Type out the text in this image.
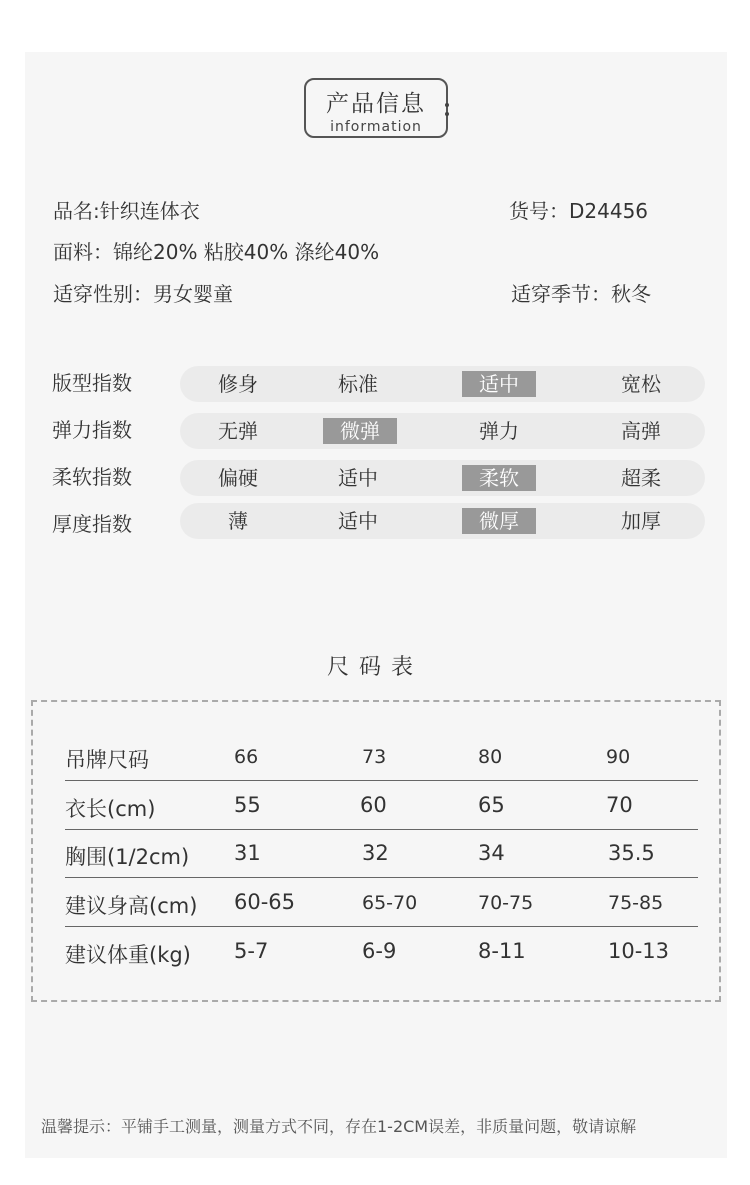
产品信息
information
品名:针织连体衣	货号：D24456
面料：锦纶20% 粘胶40% 涤纶40%
适穿性别：男女婴童	适穿季节：秋冬
版型指数	修身	标准	适中	宽松
弹力指数	无弹	微弹	弹力	高弹
柔软指数	偏硬	适中	柔软	超柔
厚度指数	薄	适中	微厚	加厚
尺码表
吊牌尺码	66	73	80	90
衣长(cm)	55	60	65	70
胸围(1/2cm) 31	32	34	35.5
建议身高(cm) 60-65	65-70	70-75	75-85
建议体重(kg) 5-7	6-9	8-11	10-13
温馨提示：平铺手工测量，测量方式不同，存在1-2CM误差，非质量问题，敬请谅解
